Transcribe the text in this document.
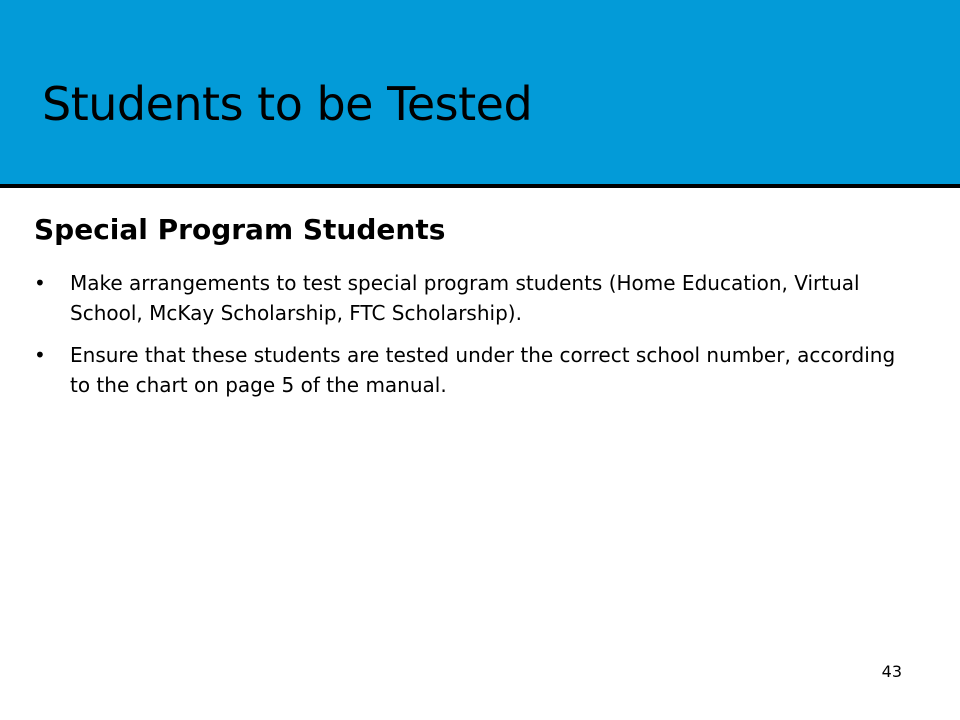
Students to be Tested
Special Program Students
•	Make arrangements to test special program students (Home Education, Virtual School, McKay Scholarship, FTC Scholarship).
•	Ensure that these students are tested under the correct school number, according to the chart on page 5 of the manual.
43
